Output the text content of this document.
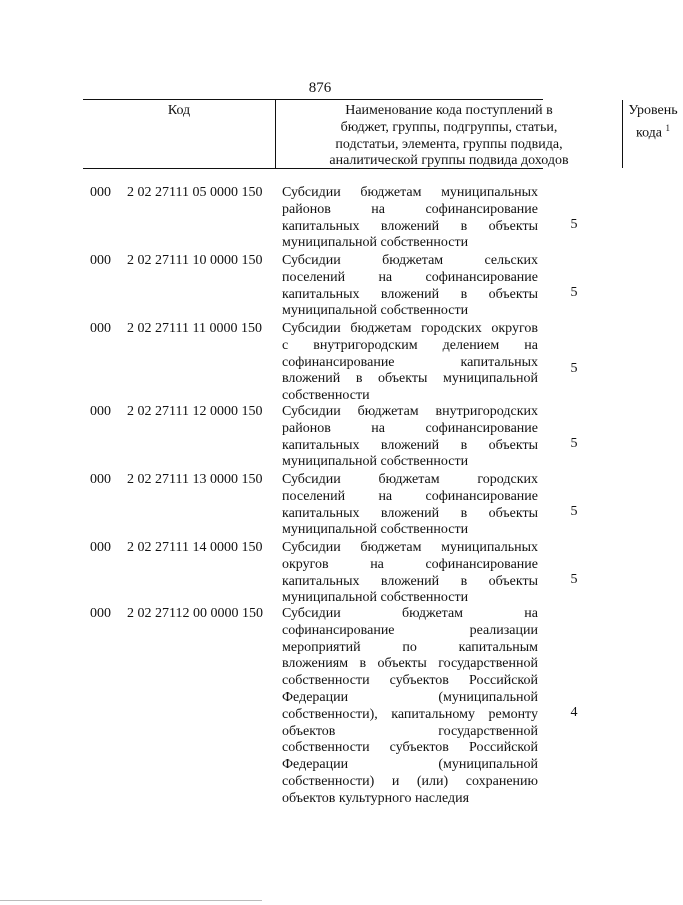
876
Код	Наименование кода поступлений в
бюджет, группы, подгруппы, статьи,
подстатьи, элемента, группы подвида,
аналитической группы подвида доходов
Уровень
кода $^1$
000	2 02 27111 05 0000 150	Субсидии бюджетам муниципальных

районов на софинансирование

капитальных вложений в объекты

муниципальной собственности

5
000	2 02 27111 10 0000 150	Субсидии бюджетам сельских

поселений на софинансирование

капитальных вложений в объекты

муниципальной собственности

5
000	2 02 27111 11 0000 150	Субсидии бюджетам городских округов

с внутригородским делением на

софинансирование капитальных

вложений в объекты муниципальной

собственности

5
000	2 02 27111 12 0000 150	Субсидии бюджетам внутригородских

районов на софинансирование

капитальных вложений в объекты

муниципальной собственности

5
000	2 02 27111 13 0000 150	Субсидии бюджетам городских

поселений на софинансирование

капитальных вложений в объекты

муниципальной собственности

5
000	2 02 27111 14 0000 150	Субсидии бюджетам муниципальных

округов на софинансирование

капитальных вложений в объекты

муниципальной собственности

5
000	2 02 27112 00 0000 150	Субсидии бюджетам на

софинансирование реализации

мероприятий по капитальным

вложениям в объекты государственной

собственности субъектов Российской

Федерации (муниципальной

собственности), капитальному ремонту

объектов государственной

собственности субъектов Российской

Федерации (муниципальной

собственности) и (или) сохранению

объектов культурного наследия

4
